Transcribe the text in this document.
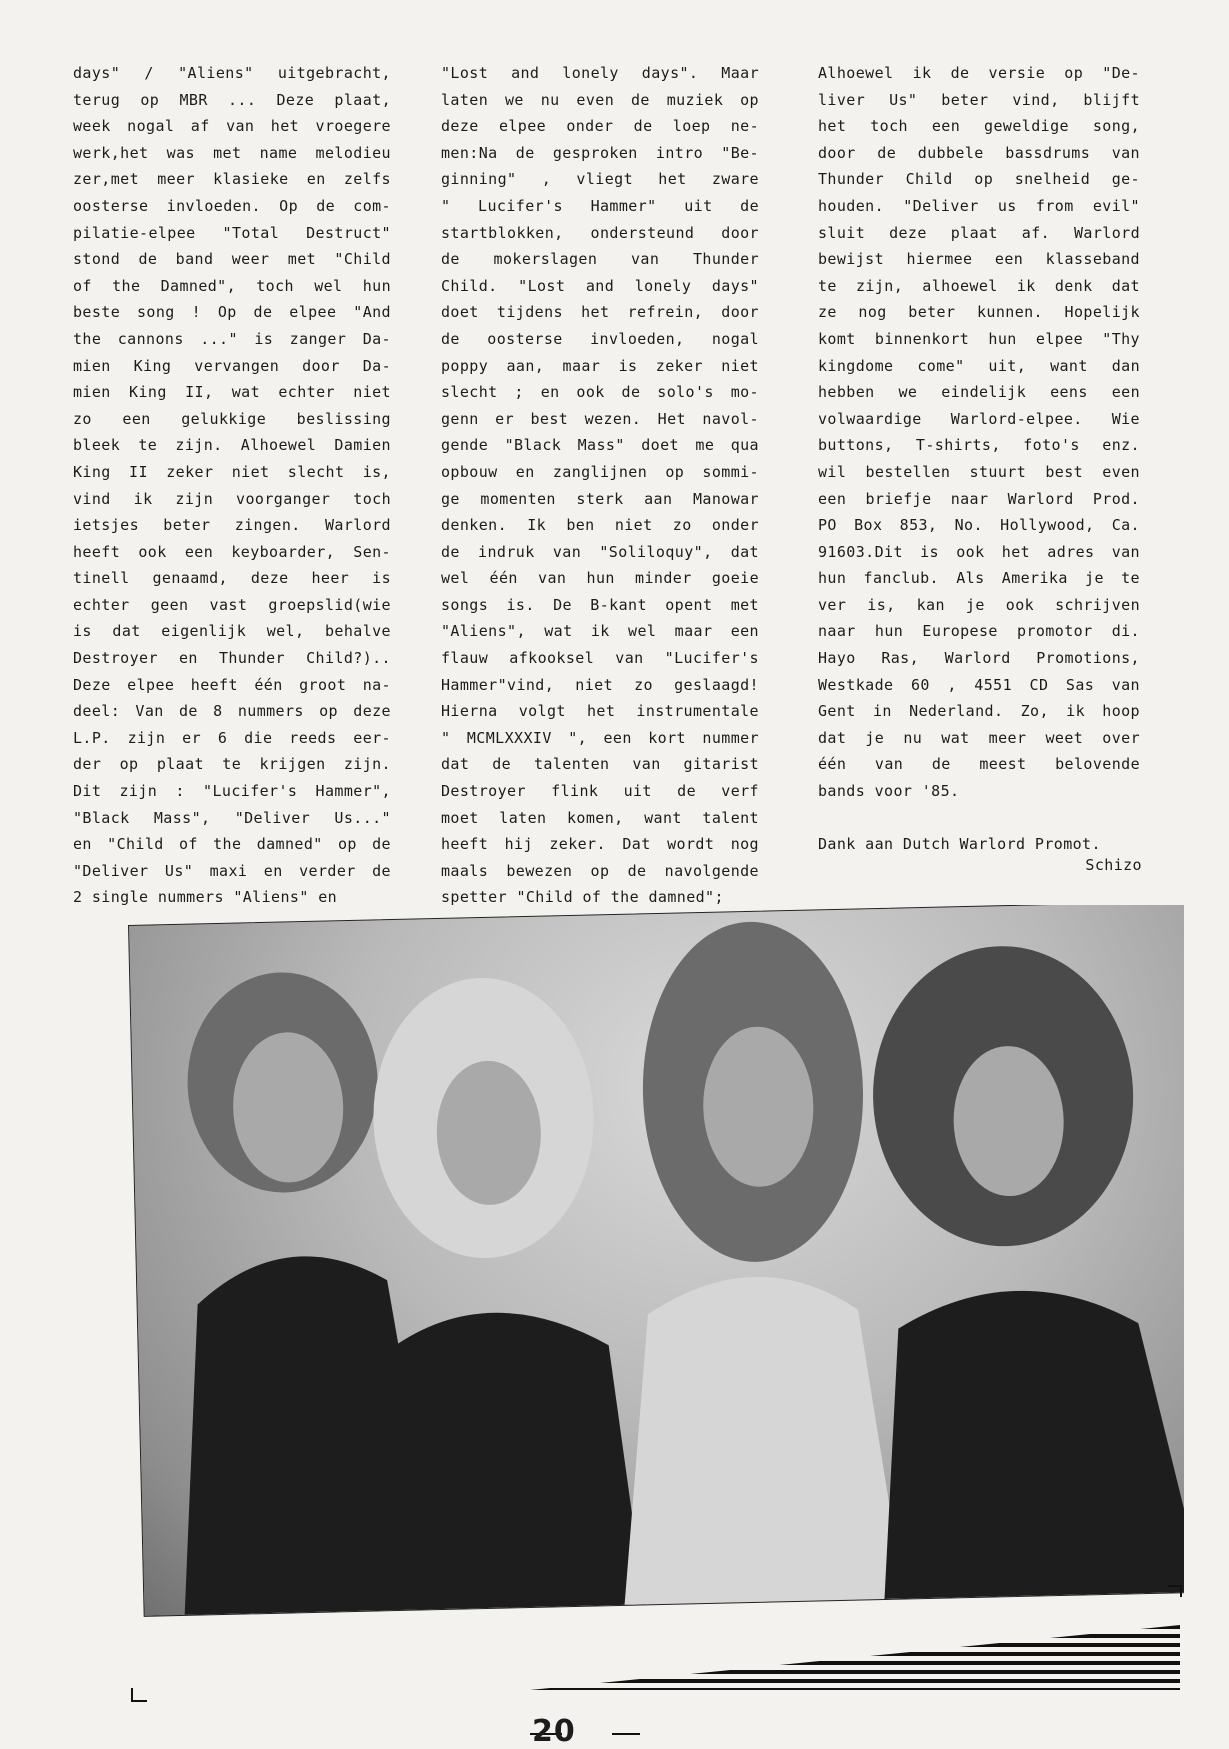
days" / "Aliens" uitgebracht,
terug op MBR ... Deze plaat,
week nogal af van het vroegere
werk,het was met name melodieu
zer,met meer klasieke en zelfs
oosterse invloeden. Op de com-
pilatie-elpee "Total Destruct"
stond de band weer met "Child
of the Damned", toch wel hun
beste song ! Op de elpee "And
the cannons ..." is zanger Da-
mien King vervangen door Da-
mien King II, wat echter niet
zo een gelukkige beslissing
bleek te zijn. Alhoewel Damien
King II zeker niet slecht is,
vind ik zijn voorganger toch
ietsjes beter zingen. Warlord
heeft ook een keyboarder, Sen-
tinell genaamd, deze heer is
echter geen vast groepslid(wie
is dat eigenlijk wel, behalve
Destroyer en Thunder Child?)..
Deze elpee heeft één groot na-
deel: Van de 8 nummers op deze
L.P. zijn er 6 die reeds eer-
der op plaat te krijgen zijn.
Dit zijn : "Lucifer's Hammer",
"Black Mass", "Deliver Us..."
en "Child of the damned" op de
"Deliver Us" maxi en verder de
2 single nummers "Aliens" en
"Lost and lonely days". Maar
laten we nu even de muziek op
deze elpee onder de loep ne-
men:Na de gesproken intro "Be-
ginning" , vliegt het zware
" Lucifer's Hammer" uit de
startblokken, ondersteund door
de mokerslagen van Thunder
Child. "Lost and lonely days"
doet tijdens het refrein, door
de oosterse invloeden, nogal
poppy aan, maar is zeker niet
slecht ; en ook de solo's mo-
genn er best wezen. Het navol-
gende "Black Mass" doet me qua
opbouw en zanglijnen op sommi-
ge momenten sterk aan Manowar
denken. Ik ben niet zo onder
de indruk van "Soliloquy", dat
wel één van hun minder goeie
songs is. De B-kant opent met
"Aliens", wat ik wel maar een
flauw afkooksel van "Lucifer's
Hammer"vind, niet zo geslaagd!
Hierna volgt het instrumentale
" MCMLXXXIV ", een kort nummer
dat de talenten van gitarist
Destroyer flink uit de verf
moet laten komen, want talent
heeft hij zeker. Dat wordt nog
maals bewezen op de navolgende
spetter "Child of the damned";
Alhoewel ik de versie op "De-
liver Us" beter vind, blijft
het toch een geweldige song,
door de dubbele bassdrums van
Thunder Child op snelheid ge-
houden. "Deliver us from evil"
sluit deze plaat af. Warlord
bewijst hiermee een klasseband
te zijn, alhoewel ik denk dat
ze nog beter kunnen. Hopelijk
komt binnenkort hun elpee "Thy
kingdome come" uit, want dan
hebben we eindelijk eens een
volwaardige Warlord-elpee. Wie
buttons, T-shirts, foto's enz.
wil bestellen stuurt best even
een briefje naar Warlord Prod.
PO Box 853, No. Hollywood, Ca.
91603.Dit is ook het adres van
hun fanclub. Als Amerika je te
ver is, kan je ook schrijven
naar hun Europese promotor di.
Hayo Ras, Warlord Promotions,
Westkade 60 , 4551 CD Sas van
Gent in Nederland. Zo, ik hoop
dat je nu wat meer weet over
één van de meest belovende
bands voor '85.
Dank aan Dutch Warlord Promot.
Schizo
20
